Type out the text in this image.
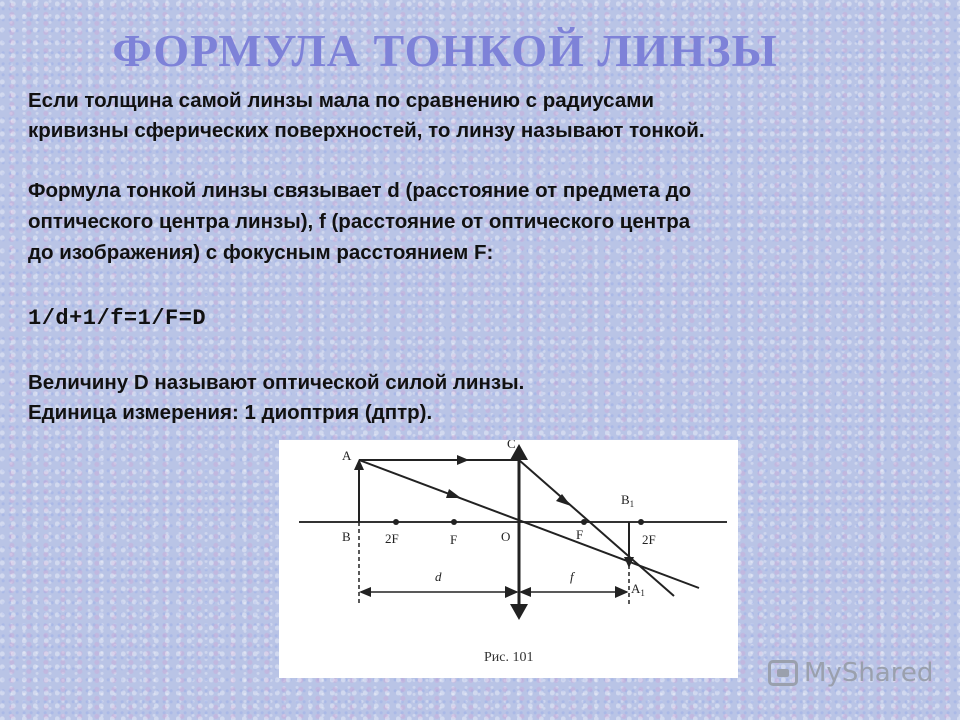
ФОРМУЛА ТОНКОЙ ЛИНЗЫ
Если толщина самой линзы мала по сравнению с радиусами
кривизны сферических поверхностей, то линзу называют тонкой.
Формула тонкой линзы связывает d (расстояние от предмета до
оптического центра линзы), f (расстояние от оптического центра
до изображения) с фокусным расстоянием F:
1/d+1/f=1/F=D
Величину D называют оптической силой линзы.
Единица измерения: 1 диоптрия (дптр).
A
B
C
O
2F	F	F	2F
$B_1$
$A_1$
d	f
Рис. 101
MyShared
